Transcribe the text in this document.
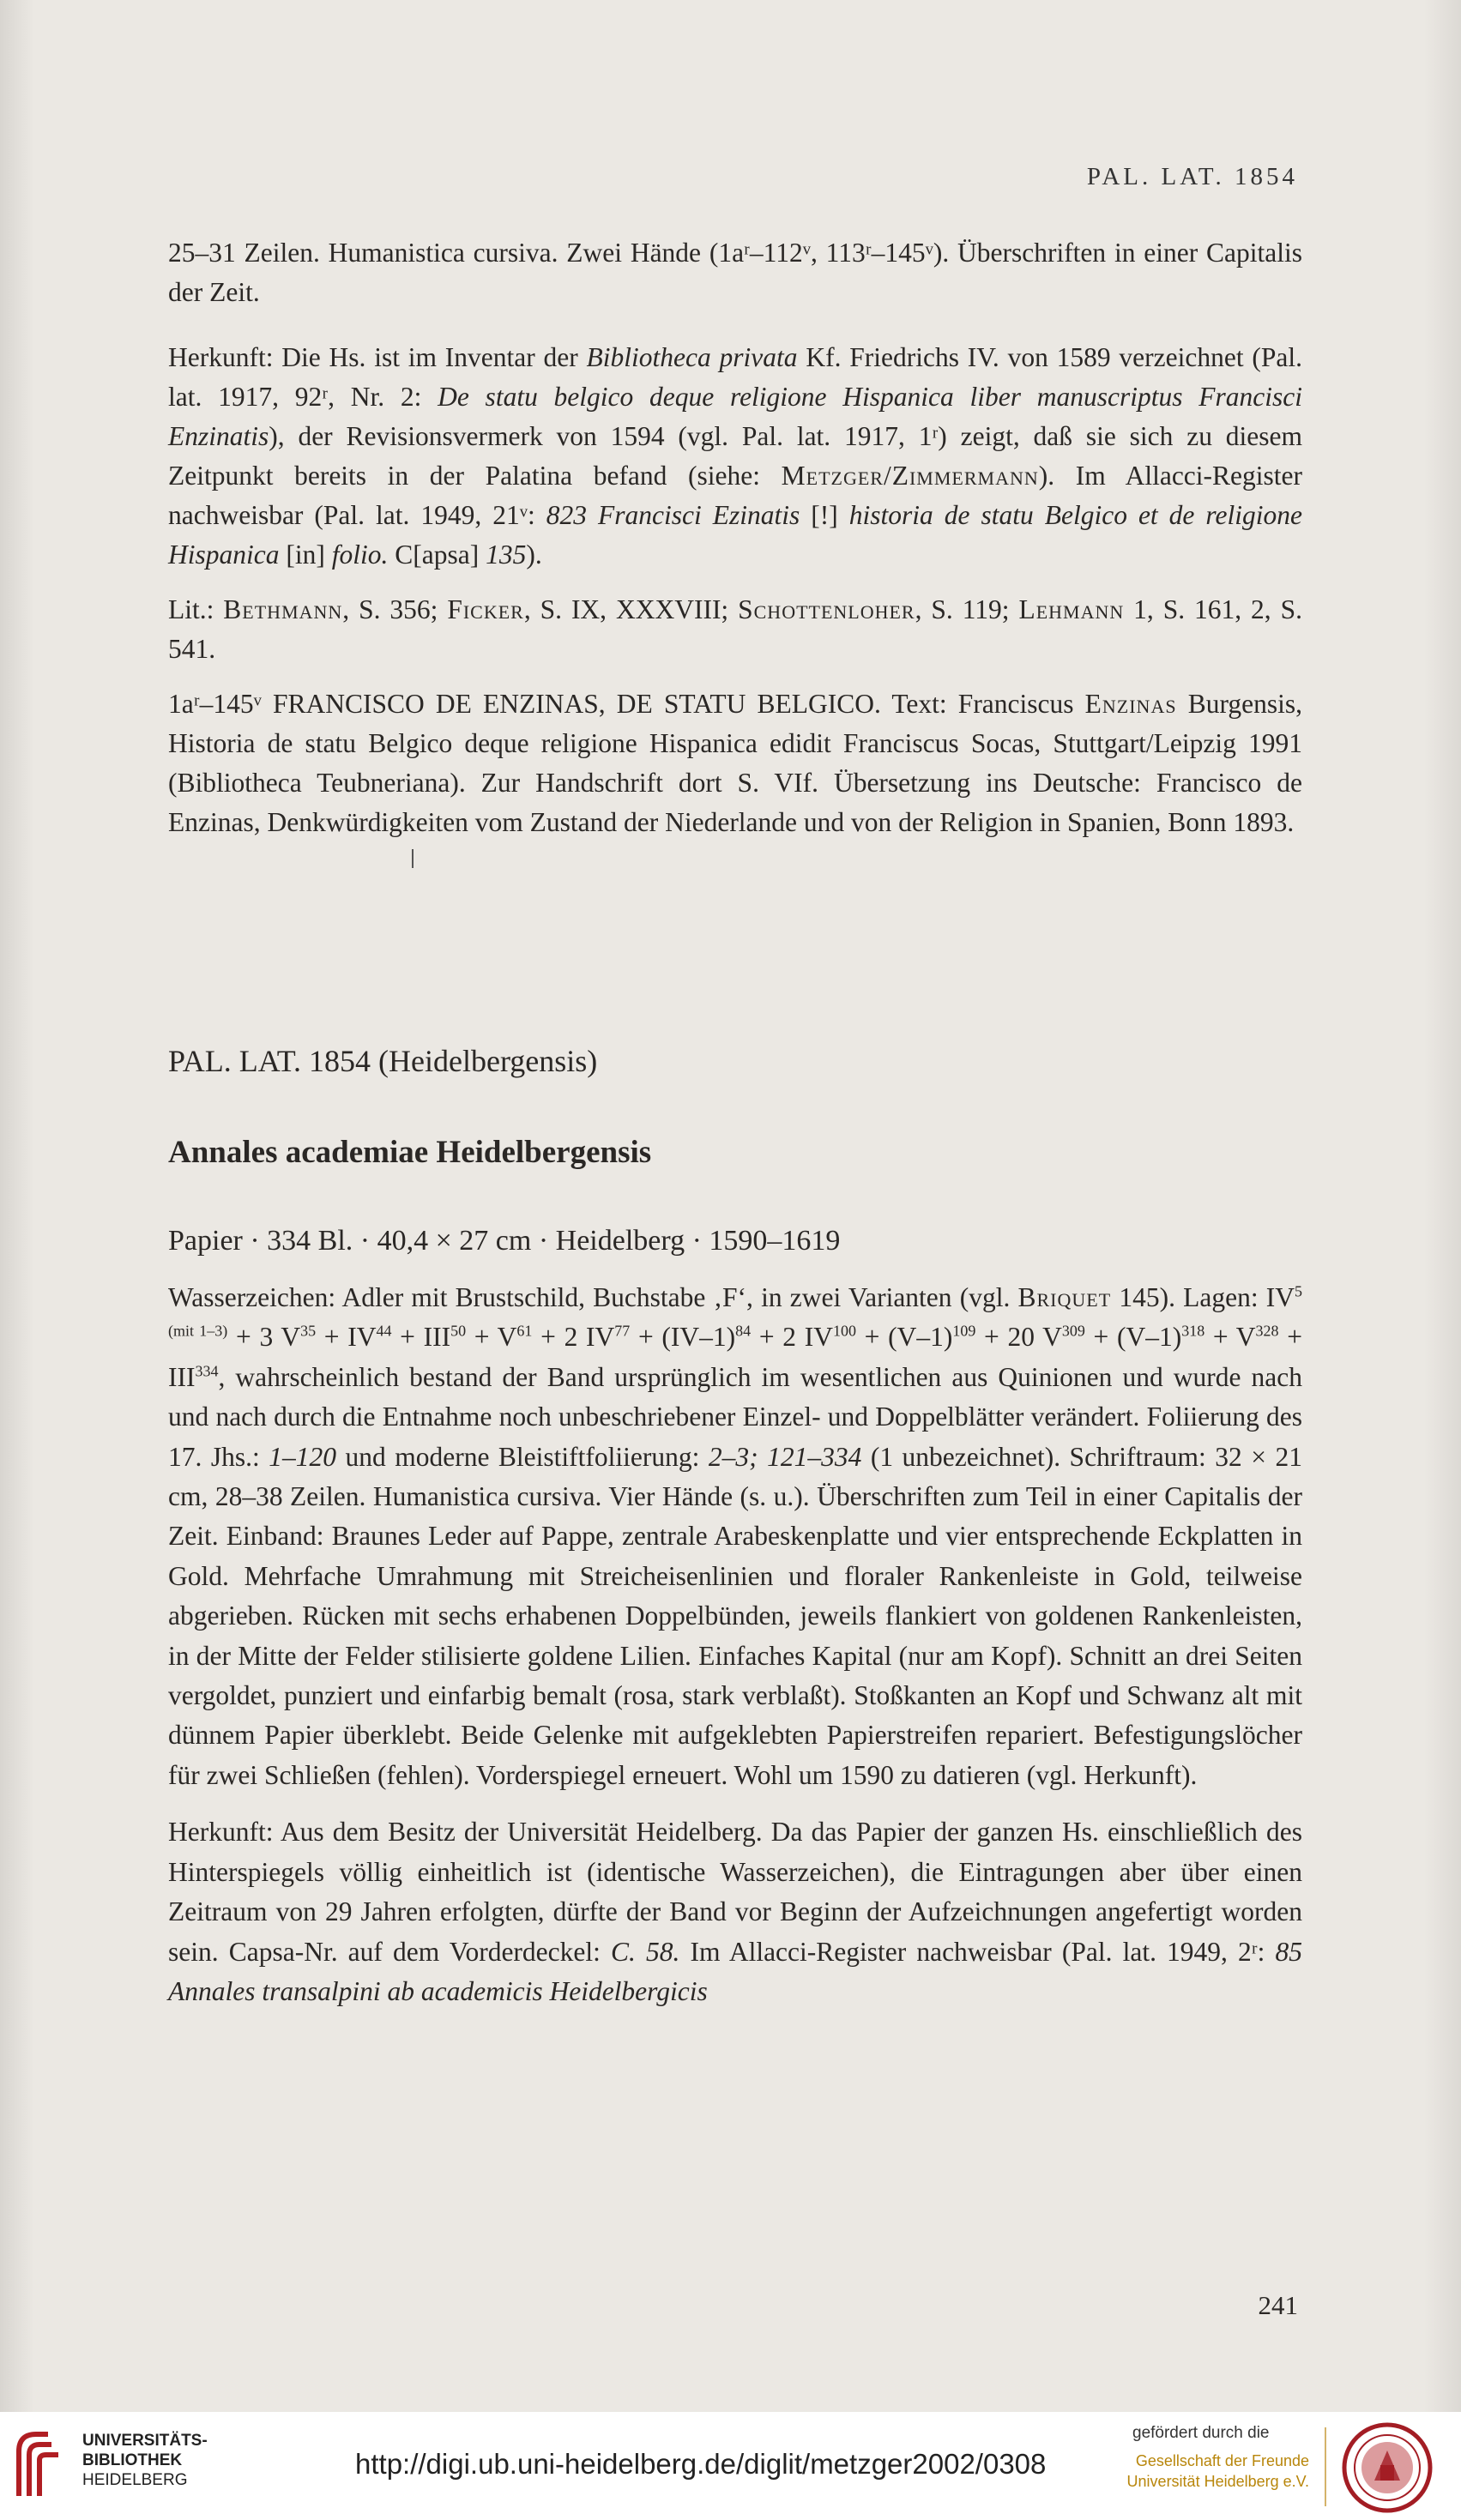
PAL. LAT. 1854

25–31 Zeilen. Humanistica cursiva. Zwei Hände (1aʳ–112ᵛ, 113ʳ–145ᵛ). Überschriften in einer Capitalis der Zeit.

Herkunft: Die Hs. ist im Inventar der Bibliotheca privata Kf. Friedrichs IV. von 1589 verzeichnet (Pal. lat. 1917, 92ʳ, Nr. 2: De statu belgico deque religione Hispanica liber manuscriptus Francisci Enzinatis), der Revisionsvermerk von 1594 (vgl. Pal. lat. 1917, 1ʳ) zeigt, daß sie sich zu diesem Zeitpunkt bereits in der Palatina befand (siehe: Metzger/Zimmermann). Im Allacci-Register nachweisbar (Pal. lat. 1949, 21ᵛ: 823 Francisci Ezinatis [!] historia de statu Belgico et de religione Hispanica [in] folio. C[apsa] 135).

Lit.: Bethmann, S. 356; Ficker, S. IX, XXXVIII; Schottenloher, S. 119; Lehmann 1, S. 161, 2, S. 541.

1aʳ–145ᵛ FRANCISCO DE ENZINAS, DE STATU BELGICO. Text: Franciscus Enzinas Burgensis, Historia de statu Belgico deque religione Hispanica edidit Franciscus Socas, Stuttgart/Leipzig 1991 (Bibliotheca Teubneriana). Zur Handschrift dort S. VIf. Übersetzung ins Deutsche: Francisco de Enzinas, Denkwürdigkeiten vom Zustand der Niederlande und von der Religion in Spanien, Bonn 1893.

PAL. LAT. 1854 (Heidelbergensis)
Annales academiae Heidelbergensis
Papier · 334 Bl. · 40,4 × 27 cm · Heidelberg · 1590–1619

Wasserzeichen: Adler mit Brustschild, Buchstabe ‚F‘, in zwei Varianten (vgl. Briquet 145). Lagen: $IV^{5 (mit 1-3)} + 3$ $V^{35} + IV^{44} + III^{50} + V^{61} + 2$ $IV^{77} + (IV-1)^{84} + 2$ $IV^{100} + (V-1)^{109} + 20$ $V^{309} + (V-1)^{318} + V^{328} + III^{334}$, wahrscheinlich bestand der Band ursprünglich im wesentlichen aus Quinionen und wurde nach und nach durch die Entnahme noch unbeschriebener Einzel- und Doppelblätter verändert. Foliierung des 17. Jhs.: 1–120 und moderne Bleistiftfoliierung: 2–3; 121–334 (1 unbezeichnet). Schriftraum: 32 × 21 cm, 28–38 Zeilen. Humanistica cursiva. Vier Hände (s. u.). Überschriften zum Teil in einer Capitalis der Zeit. Einband: Braunes Leder auf Pappe, zentrale Arabeskenplatte und vier entsprechende Eckplatten in Gold. Mehrfache Umrahmung mit Streicheisenlinien und floraler Rankenleiste in Gold, teilweise abgerieben. Rücken mit sechs erhabenen Doppelbünden, jeweils flankiert von goldenen Rankenleisten, in der Mitte der Felder stilisierte goldene Lilien. Einfaches Kapital (nur am Kopf). Schnitt an drei Seiten vergoldet, punziert und einfarbig bemalt (rosa, stark verblaßt). Stoßkanten an Kopf und Schwanz alt mit dünnem Papier überklebt. Beide Gelenke mit aufgeklebten Papierstreifen repariert. Befestigungslöcher für zwei Schließen (fehlen). Vorderspiegel erneuert. Wohl um 1590 zu datieren (vgl. Herkunft).

Herkunft: Aus dem Besitz der Universität Heidelberg. Da das Papier der ganzen Hs. einschließlich des Hinterspiegels völlig einheitlich ist (identische Wasserzeichen), die Eintragungen aber über einen Zeitraum von 29 Jahren erfolgten, dürfte der Band vor Beginn der Aufzeichnungen angefertigt worden sein. Capsa-Nr. auf dem Vorderdeckel: C. 58. Im Allacci-Register nachweisbar (Pal. lat. 1949, 2ʳ: 85 Annales transalpini ab academicis Heidelbergicis

241
UNIVERSITÄTS-
BIBLIOTHEK
HEIDELBERG
http://digi.ub.uni-heidelberg.de/diglit/metzger2002/0308
gefördert durch die
Gesellschaft der Freunde
Universität Heidelberg e.V.
